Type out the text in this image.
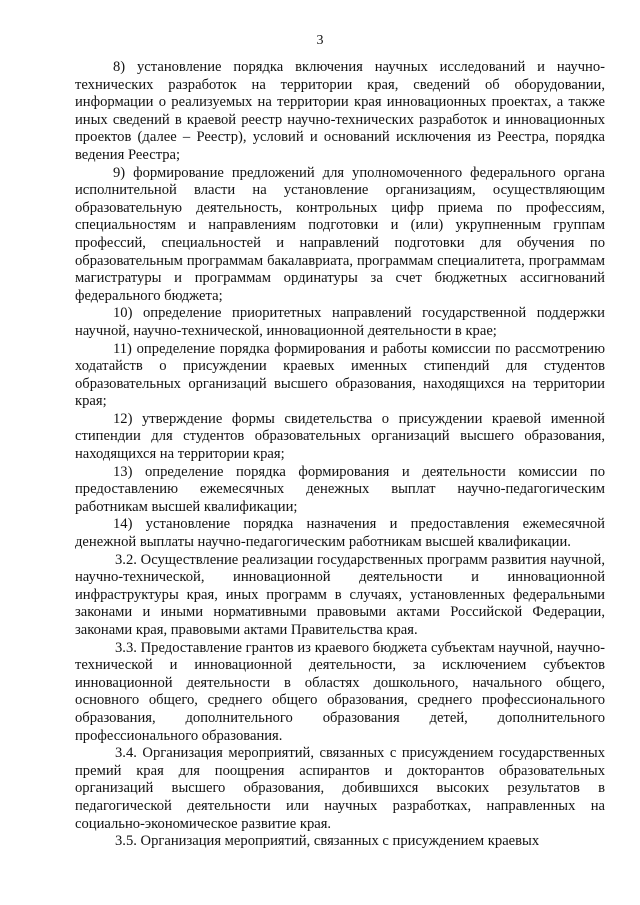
3

8) установление порядка включения научных исследований и научно-технических разработок на территории края, сведений об оборудовании, информации о реализуемых на территории края инновационных проектах, а также иных сведений в краевой реестр научно-технических разработок и инновационных проектов (далее – Реестр), условий и оснований исключения из Реестра, порядка ведения Реестра;

9) формирование предложений для уполномоченного федерального органа исполнительной власти на установление организациям, осуществляющим образовательную деятельность, контрольных цифр приема по профессиям, специальностям и направлениям подготовки и (или) укрупненным группам профессий, специальностей и направлений подготовки для обучения по образовательным программам бакалавриата, программам специалитета, программам магистратуры и программам ординатуры за счет бюджетных ассигнований федерального бюджета;

10) определение приоритетных направлений государственной поддержки научной, научно-технической, инновационной деятельности в крае;

11) определение порядка формирования и работы комиссии по рассмотрению ходатайств о присуждении краевых именных стипендий для студентов образовательных организаций высшего образования, находящихся на территории края;

12) утверждение формы свидетельства о присуждении краевой именной стипендии для студентов образовательных организаций высшего образования, находящихся на территории края;

13) определение порядка формирования и деятельности комиссии по предоставлению ежемесячных денежных выплат научно-педагогическим работникам высшей квалификации;

14) установление порядка назначения и предоставления ежемесячной денежной выплаты научно-педагогическим работникам высшей квалификации.

3.2. Осуществление реализации государственных программ развития научной, научно-технической, инновационной деятельности и инновационной инфраструктуры края, иных программ в случаях, установленных федеральными законами и иными нормативными правовыми актами Российской Федерации, законами края, правовыми актами Правительства края.

3.3. Предоставление грантов из краевого бюджета субъектам научной, научно-технической и инновационной деятельности, за исключением субъектов инновационной деятельности в областях дошкольного, начального общего, основного общего, среднего общего образования, среднего профессионального образования, дополнительного образования детей, дополнительного профессионального образования.

3.4. Организация мероприятий, связанных с присуждением государственных премий края для поощрения аспирантов и докторантов образовательных организаций высшего образования, добившихся высоких результатов в педагогической деятельности или научных разработках, направленных на социально-экономическое развитие края.

3.5. Организация мероприятий, связанных с присуждением краевых
